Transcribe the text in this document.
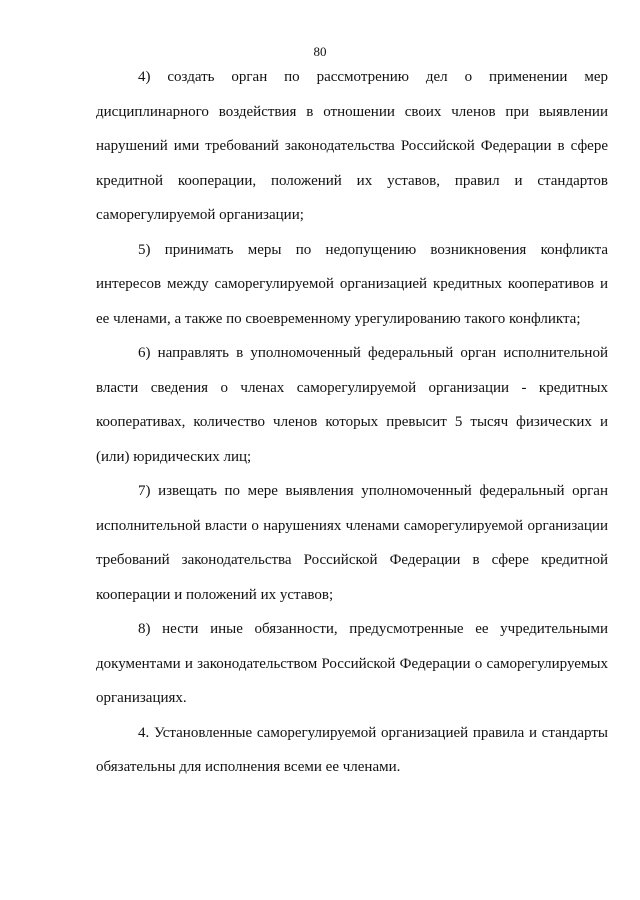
80

4) создать орган по рассмотрению дел о применении мер дисциплинарного воздействия в отношении своих членов при выявлении нарушений ими требований законодательства Российской Федерации в сфере кредитной кооперации, положений их уставов, правил и стандартов саморегулируемой организации;

5) принимать меры по недопущению возникновения конфликта интересов между саморегулируемой организацией кредитных кооперативов и ее членами, а также по своевременному урегулированию такого конфликта;

6) направлять в уполномоченный федеральный орган исполнительной власти сведения о членах саморегулируемой организации - кредитных кооперативах, количество членов которых превысит 5 тысяч физических и (или) юридических лиц;

7) извещать по мере выявления уполномоченный федеральный орган исполнительной власти о нарушениях членами саморегулируемой организации требований законодательства Российской Федерации в сфере кредитной кооперации и положений их уставов;

8) нести иные обязанности, предусмотренные ее учредительными документами и законодательством Российской Федерации о саморегулируемых организациях.

4. Установленные саморегулируемой организацией правила и стандарты обязательны для исполнения всеми ее членами.
